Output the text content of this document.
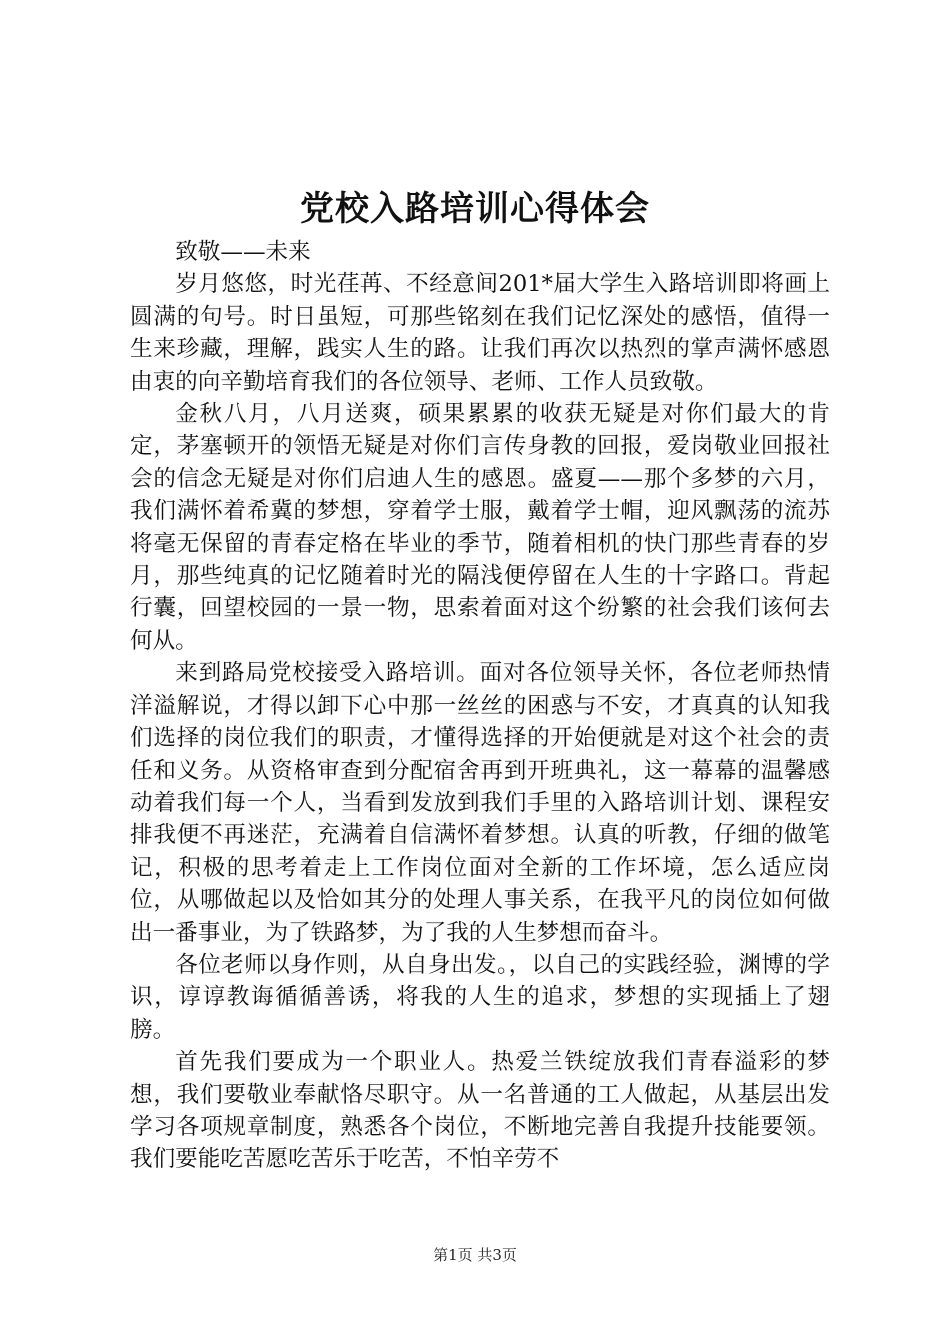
党校入路培训心得体会

致敬——未来

岁月悠悠，时光荏苒、不经意间201*届大学生入路培训即将画上圆满的句号。时日虽短，可那些铭刻在我们记忆深处的感悟，值得一生来珍藏，理解，践实人生的路。让我们再次以热烈的掌声满怀感恩由衷的向辛勤培育我们的各位领导、老师、工作人员致敬。

金秋八月，八月送爽，硕果累累的收获无疑是对你们最大的肯定，茅塞顿开的领悟无疑是对你们言传身教的回报，爱岗敬业回报社会的信念无疑是对你们启迪人生的感恩。盛夏——那个多梦的六月，我们满怀着希冀的梦想，穿着学士服，戴着学士帽，迎风飘荡的流苏将毫无保留的青春定格在毕业的季节，随着相机的快门那些青春的岁月，那些纯真的记忆随着时光的隔浅便停留在人生的十字路口。背起行囊，回望校园的一景一物，思索着面对这个纷繁的社会我们该何去何从。

来到路局党校接受入路培训。面对各位领导关怀，各位老师热情洋溢解说，才得以卸下心中那一丝丝的困惑与不安，才真真的认知我们选择的岗位我们的职责，才懂得选择的开始便就是对这个社会的责任和义务。从资格审查到分配宿舍再到开班典礼，这一幕幕的温馨感动着我们每一个人，当看到发放到我们手里的入路培训计划、课程安排我便不再迷茫，充满着自信满怀着梦想。认真的听教，仔细的做笔记，积极的思考着走上工作岗位面对全新的工作坏境，怎么适应岗位，从哪做起以及恰如其分的处理人事关系，在我平凡的岗位如何做出一番事业，为了铁路梦，为了我的人生梦想而奋斗。

各位老师以身作则，从自身出发。，以自己的实践经验，渊博的学识，谆谆教诲循循善诱，将我的人生的追求，梦想的实现插上了翅膀。

首先我们要成为一个职业人。热爱兰铁绽放我们青春溢彩的梦想，我们要敬业奉献恪尽职守。从一名普通的工人做起，从基层出发学习各项规章制度，熟悉各个岗位，不断地完善自我提升技能要领。我们要能吃苦愿吃苦乐于吃苦，不怕辛劳不

第1页 共3页
